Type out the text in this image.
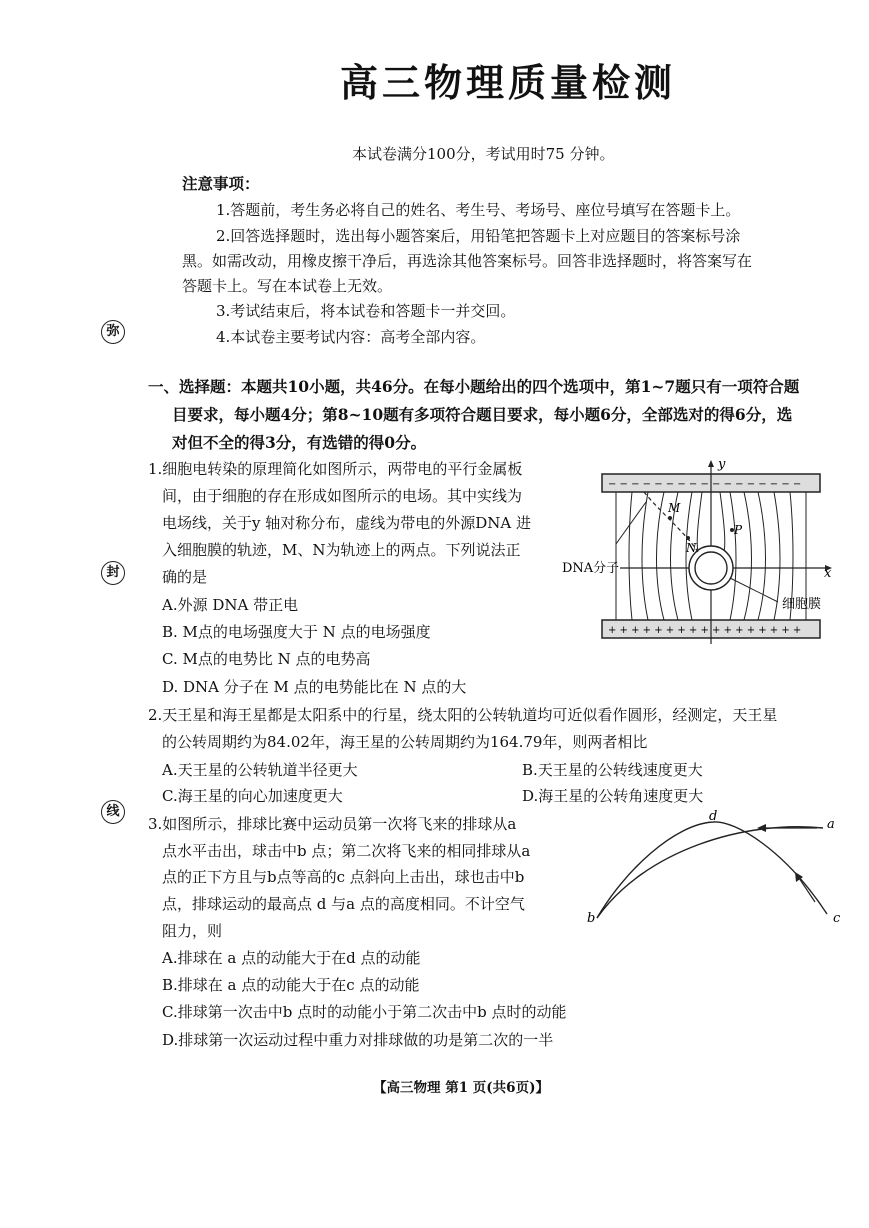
高三物理质量检测
本试卷满分100分，考试用时75 分钟。
注意事项：
1.答题前，考生务必将自己的姓名、考生号、考场号、座位号填写在答题卡上。
2.回答选择题时，选出每小题答案后，用铅笔把答题卡上对应题目的答案标号涂
黑。如需改动，用橡皮擦干净后，再选涂其他答案标号。回答非选择题时，将答案写在
答题卡上。写在本试卷上无效。
3.考试结束后，将本试卷和答题卡一并交回。
4.本试卷主要考试内容：高考全部内容。
弥
封
线
一、选择题：本题共10小题，共46分。在每小题给出的四个选项中，第1~7题只有一项符合题
目要求，每小题4分；第8~10题有多项符合题目要求，每小题6分，全部选对的得6分，选
对但不全的得3分，有选错的得0分。
1.细胞电转染的原理简化如图所示，两带电的平行金属板
间，由于细胞的存在形成如图所示的电场。其中实线为
电场线，关于y 轴对称分布，虚线为带电的外源DNA 进
入细胞膜的轨迹，M、N为轨迹上的两点。下列说法正
确的是
A.外源 DNA 带正电
B. M点的电场强度大于 N 点的电场强度
C. M点的电势比 N 点的电势高
D. DNA 分子在 M 点的电势能比在 N 点的大
− − − − − − − − − − − − − − − − −
+ + + + + + + + + + + + + + + + +
y
x
M
N
P
DNA分子
细胞膜
2.天王星和海王星都是太阳系中的行星，绕太阳的公转轨道均可近似看作圆形，经测定，天王星
的公转周期约为84.02年，海王星的公转周期约为164.79年，则两者相比
A.天王星的公转轨道半径更大	B.天王星的公转线速度更大
C.海王星的向心加速度更大	D.海王星的公转角速度更大
3.如图所示，排球比赛中运动员第一次将飞来的排球从a
点水平击出，球击中b 点；第二次将飞来的相同排球从a
点的正下方且与b点等高的c 点斜向上击出，球也击中b
点，排球运动的最高点 d 与a 点的高度相同。不计空气
阻力，则
A.排球在 a 点的动能大于在d 点的动能
B.排球在 a 点的动能大于在c 点的动能
C.排球第一次击中b 点时的动能小于第二次击中b 点时的动能
D.排球第一次运动过程中重力对排球做的功是第二次的一半
a
b	c
d
【高三物理 第1 页(共6页)】
